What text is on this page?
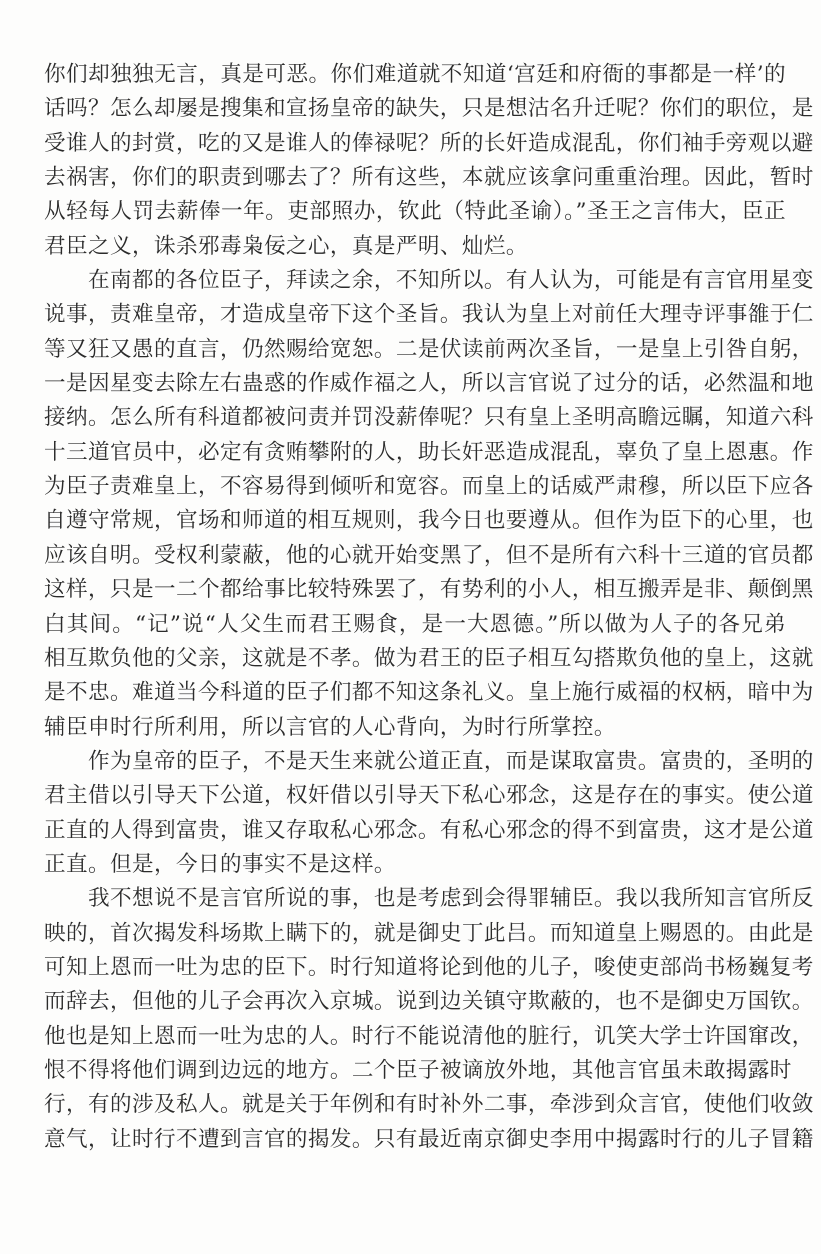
你们却独独无言，真是可恶。你们难道就不知道‘宫廷和府衙的事都是一样’的
话吗？怎么却屡是搜集和宣扬皇帝的缺失，只是想沽名升迁呢？你们的职位，是
受谁人的封赏，吃的又是谁人的俸禄呢？所的长奸造成混乱，你们袖手旁观以避
去祸害，你们的职责到哪去了？所有这些，本就应该拿问重重治理。因此，暂时
从轻每人罚去薪俸一年。吏部照办，钦此（特此圣谕）。”圣王之言伟大，臣正
君臣之义，诛杀邪毒枭佞之心，真是严明、灿烂。
　　在南都的各位臣子，拜读之余，不知所以。有人认为，可能是有言官用星变
说事，责难皇帝，才造成皇帝下这个圣旨。我认为皇上对前任大理寺评事雒于仁
等又狂又愚的直言，仍然赐给宽恕。二是伏读前两次圣旨，一是皇上引咎自躬，
一是因星变去除左右蛊惑的作威作福之人，所以言官说了过分的话，必然温和地
接纳。怎么所有科道都被问责并罚没薪俸呢？只有皇上圣明高瞻远瞩，知道六科
十三道官员中，必定有贪贿攀附的人，助长奸恶造成混乱，辜负了皇上恩惠。作
为臣子责难皇上，不容易得到倾听和宽容。而皇上的话威严肃穆，所以臣下应各
自遵守常规，官场和师道的相互规则，我今日也要遵从。但作为臣下的心里，也
应该自明。受权利蒙蔽，他的心就开始变黑了，但不是所有六科十三道的官员都
这样，只是一二个都给事比较特殊罢了，有势利的小人，相互搬弄是非、颠倒黑
白其间。“记”说“人父生而君王赐食，是一大恩德。”所以做为人子的各兄弟
相互欺负他的父亲，这就是不孝。做为君王的臣子相互勾搭欺负他的皇上，这就
是不忠。难道当今科道的臣子们都不知这条礼义。皇上施行威福的权柄，暗中为
辅臣申时行所利用，所以言官的人心背向，为时行所掌控。
　　作为皇帝的臣子，不是天生来就公道正直，而是谋取富贵。富贵的，圣明的
君主借以引导天下公道，权奸借以引导天下私心邪念，这是存在的事实。使公道
正直的人得到富贵，谁又存取私心邪念。有私心邪念的得不到富贵，这才是公道
正直。但是，今日的事实不是这样。
　　我不想说不是言官所说的事，也是考虑到会得罪辅臣。我以我所知言官所反
映的，首次揭发科场欺上瞒下的，就是御史丁此吕。而知道皇上赐恩的。由此是
可知上恩而一吐为忠的臣下。时行知道将论到他的儿子，唆使吏部尚书杨巍复考
而辞去，但他的儿子会再次入京城。说到边关镇守欺蔽的，也不是御史万国钦。
他也是知上恩而一吐为忠的人。时行不能说清他的脏行，讥笑大学士许国窜改，
恨不得将他们调到边远的地方。二个臣子被谪放外地，其他言官虽未敢揭露时
行，有的涉及私人。就是关于年例和有时补外二事，牵涉到众言官，使他们收敛
意气，让时行不遭到言官的揭发。只有最近南京御史李用中揭露时行的儿子冒籍
